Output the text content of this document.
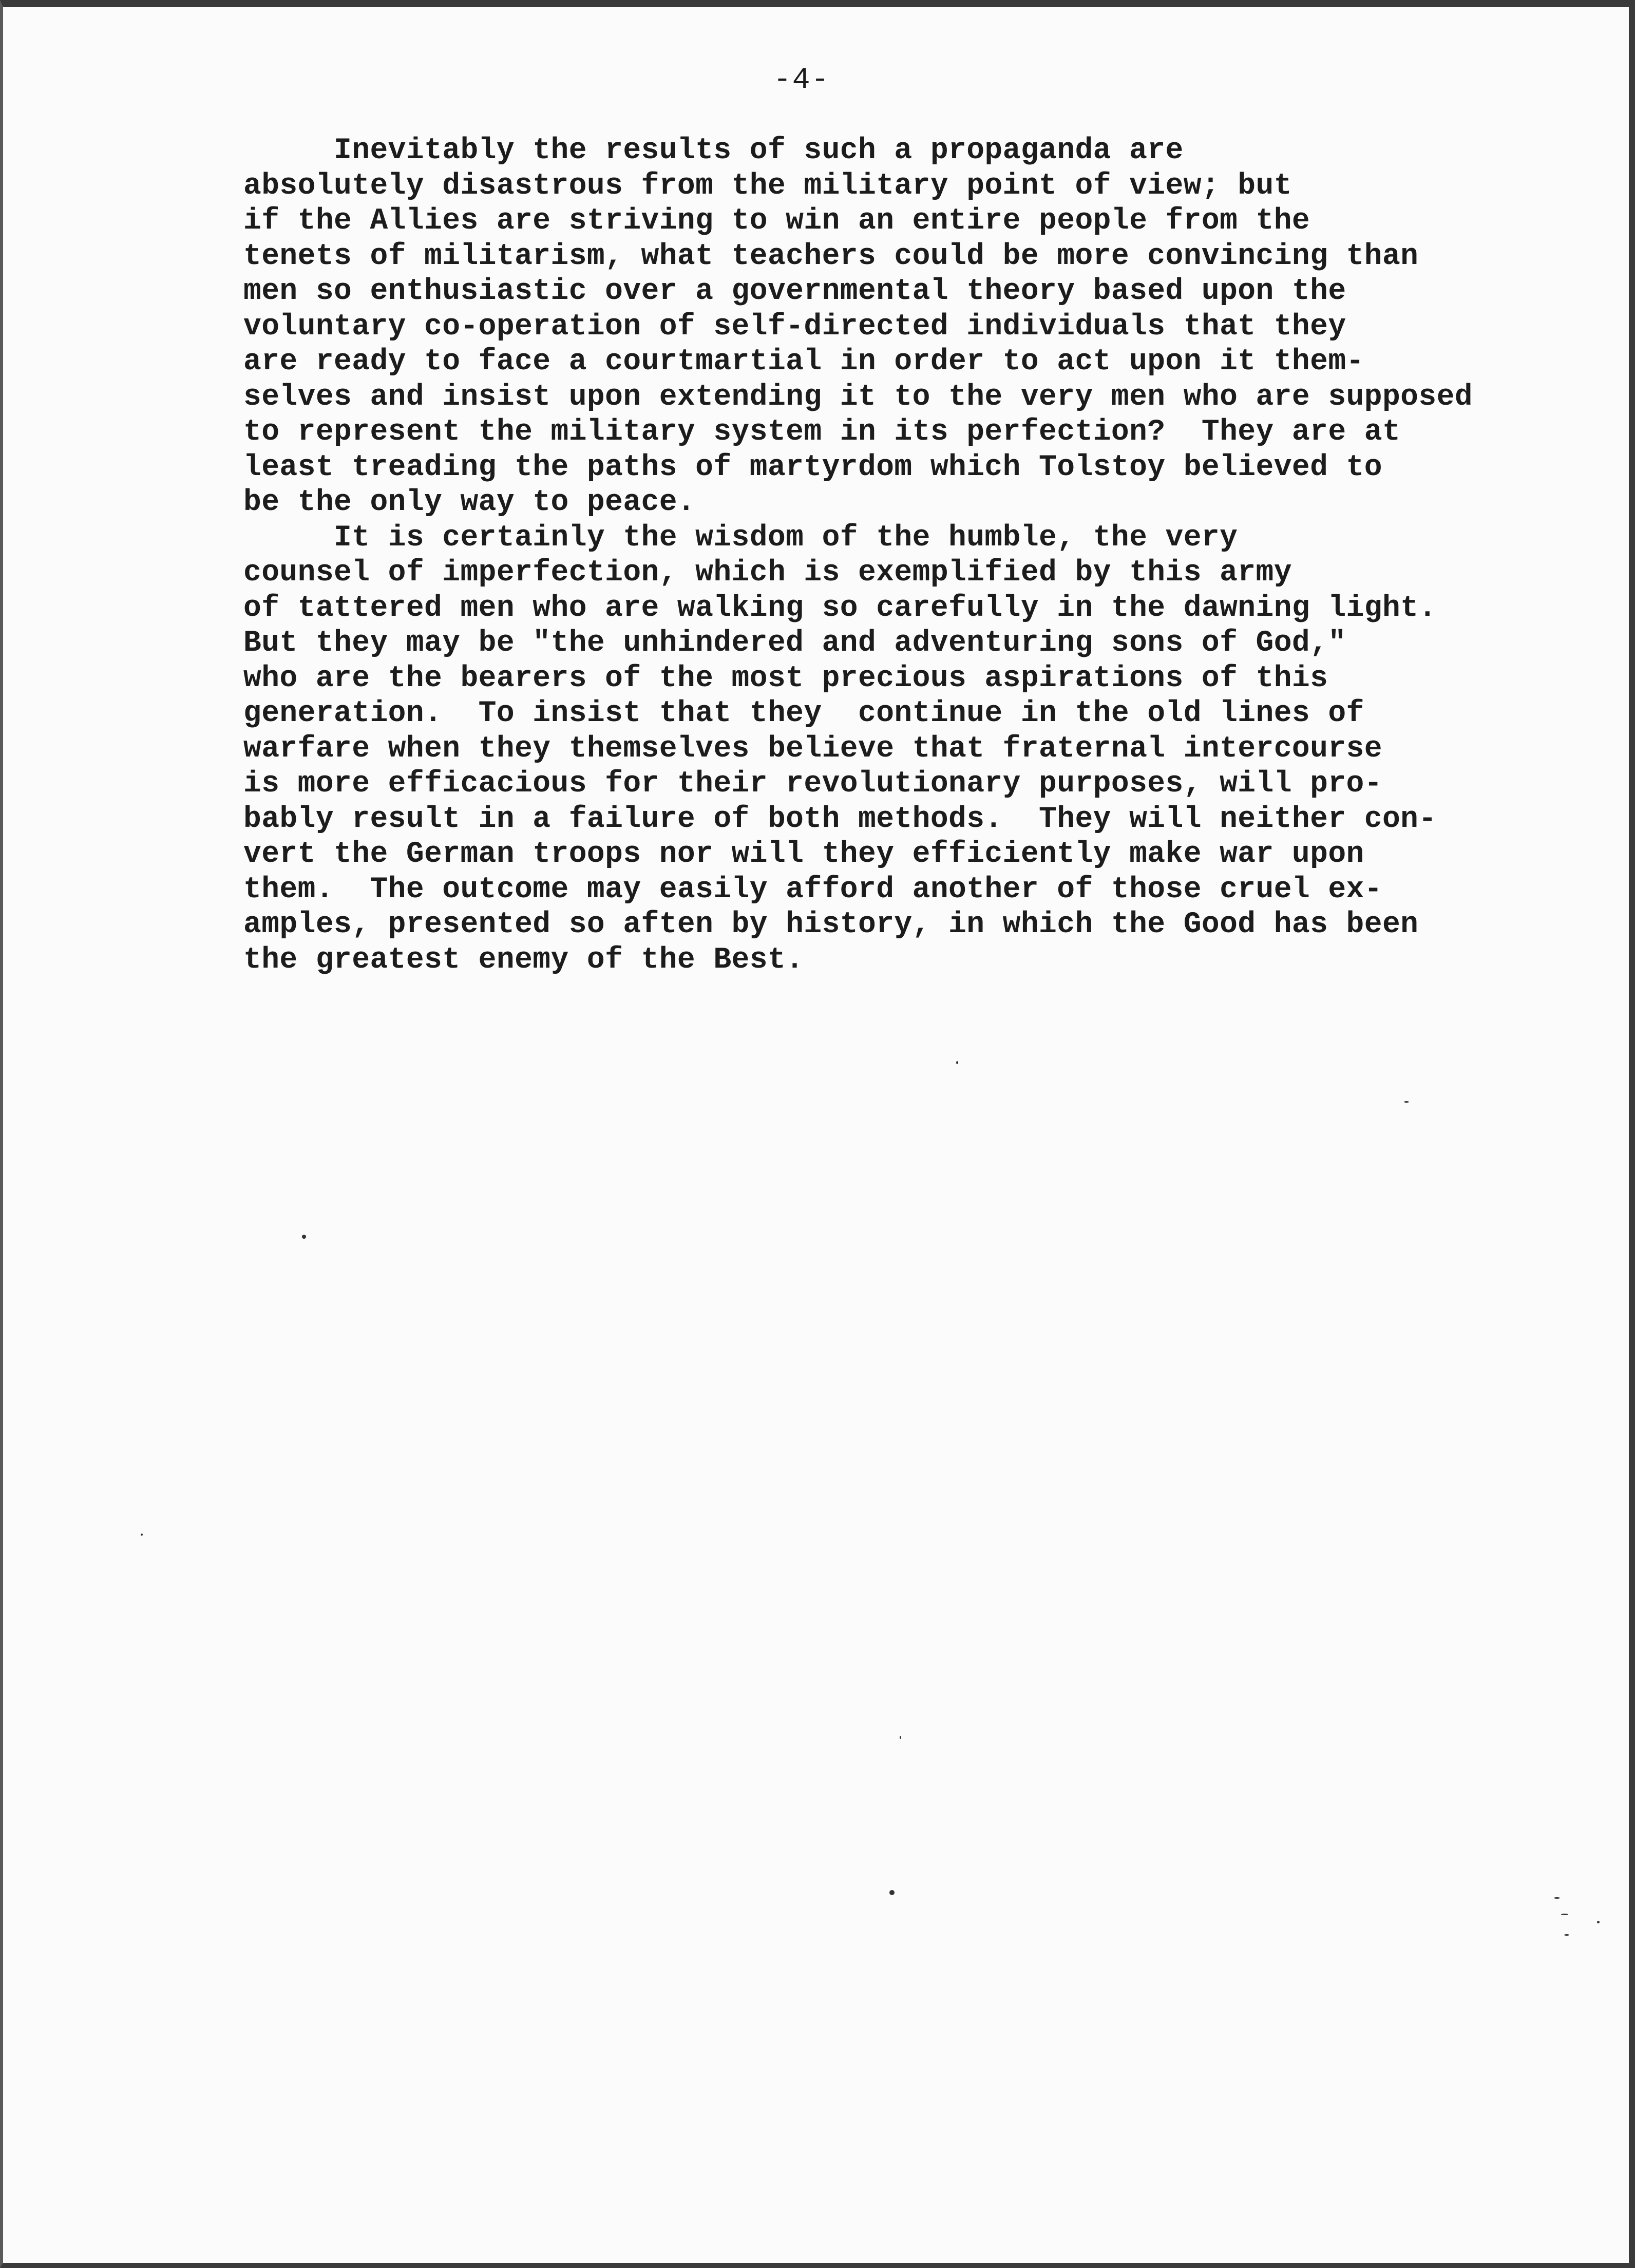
-4-
Inevitably the results of such a propaganda are
absolutely disastrous from the military point of view; but
if the Allies are striving to win an entire people from the
tenets of militarism, what teachers could be more convincing than
men so enthusiastic over a governmental theory based upon the
voluntary co-operation of self-directed individuals that they
are ready to face a courtmartial in order to act upon it them-
selves and insist upon extending it to the very men who are supposed
to represent the military system in its perfection?  They are at
least treading the paths of martyrdom which Tolstoy believed to
be the only way to peace.
It is certainly the wisdom of the humble, the very
counsel of imperfection, which is exemplified by this army
of tattered men who are walking so carefully in the dawning light.
But they may be "the unhindered and adventuring sons of God,"
who are the bearers of the most precious aspirations of this
generation.  To insist that they  continue in the old lines of
warfare when they themselves believe that fraternal intercourse
is more efficacious for their revolutionary purposes, will pro-
bably result in a failure of both methods.  They will neither con-
vert the German troops nor will they efficiently make war upon
them.  The outcome may easily afford another of those cruel ex-
amples, presented so aften by history, in which the Good has been
the greatest enemy of the Best.
